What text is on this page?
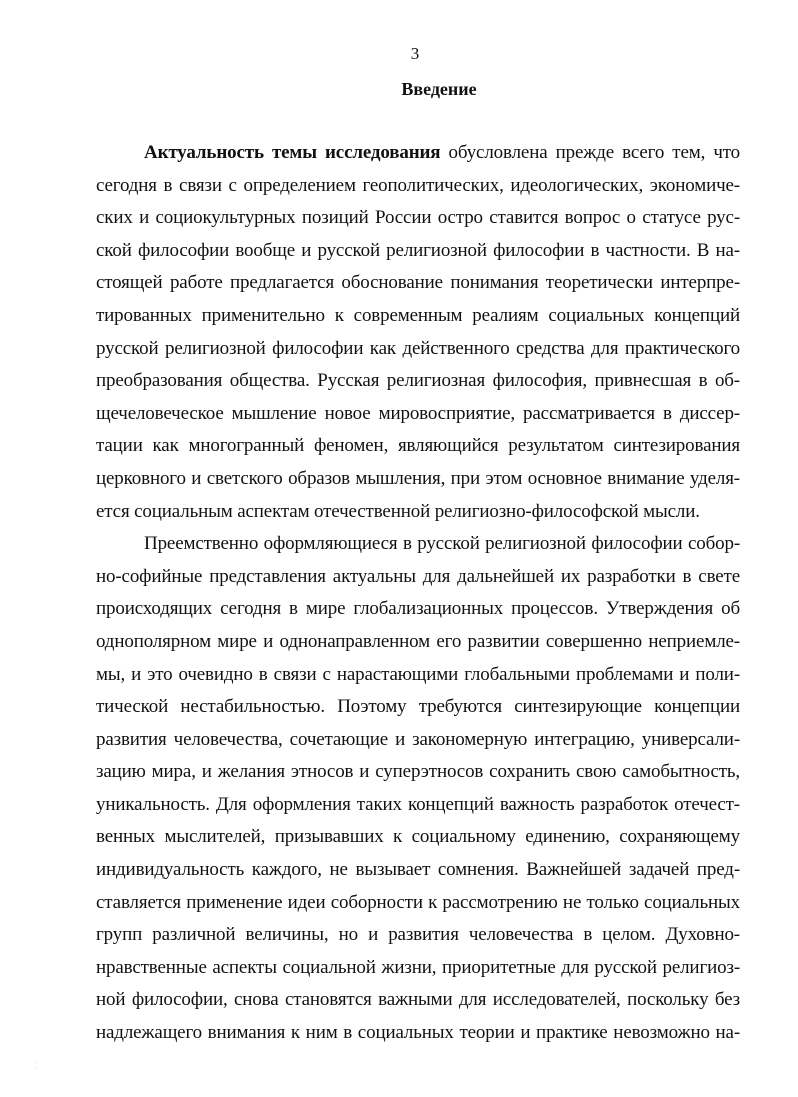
3
Введение
Актуальность темы исследования обусловлена прежде всего тем, что
сегодня в связи с определением геополитических, идеологических, экономиче-
ских и социокультурных позиций России остро ставится вопрос о статусе рус-
ской философии вообще и русской религиозной философии в частности. В на-
стоящей работе предлагается обоснование понимания теоретически интерпре-
тированных применительно к современным реалиям социальных концепций
русской религиозной философии как действенного средства для практического
преобразования общества. Русская религиозная философия, привнесшая в об-
щечеловеческое мышление новое мировосприятие, рассматривается в диссер-
тации как многогранный феномен, являющийся результатом синтезирования
церковного и светского образов мышления, при этом основное внимание уделя-
ется социальным аспектам отечественной религиозно-философской мысли.
Преемственно оформляющиеся в русской религиозной философии собор-
но-софийные представления актуальны для дальнейшей их разработки в свете
происходящих сегодня в мире глобализационных процессов. Утверждения об
однополярном мире и однонаправленном его развитии совершенно неприемле-
мы, и это очевидно в связи с нарастающими глобальными проблемами и поли-
тической нестабильностью. Поэтому требуются синтезирующие концепции
развития человечества, сочетающие и закономерную интеграцию, универсали-
зацию мира, и желания этносов и суперэтносов сохранить свою самобытность,
уникальность. Для оформления таких концепций важность разработок отечест-
венных мыслителей, призывавших к социальному единению, сохраняющему
индивидуальность каждого, не вызывает сомнения. Важнейшей задачей пред-
ставляется применение идеи соборности к рассмотрению не только социальных
групп различной величины, но и развития человечества в целом. Духовно-
нравственные аспекты социальной жизни, приоритетные для русской религиоз-
ной философии, снова становятся важными для исследователей, поскольку без
надлежащего внимания к ним в социальных теории и практике невозможно на-
·
·
